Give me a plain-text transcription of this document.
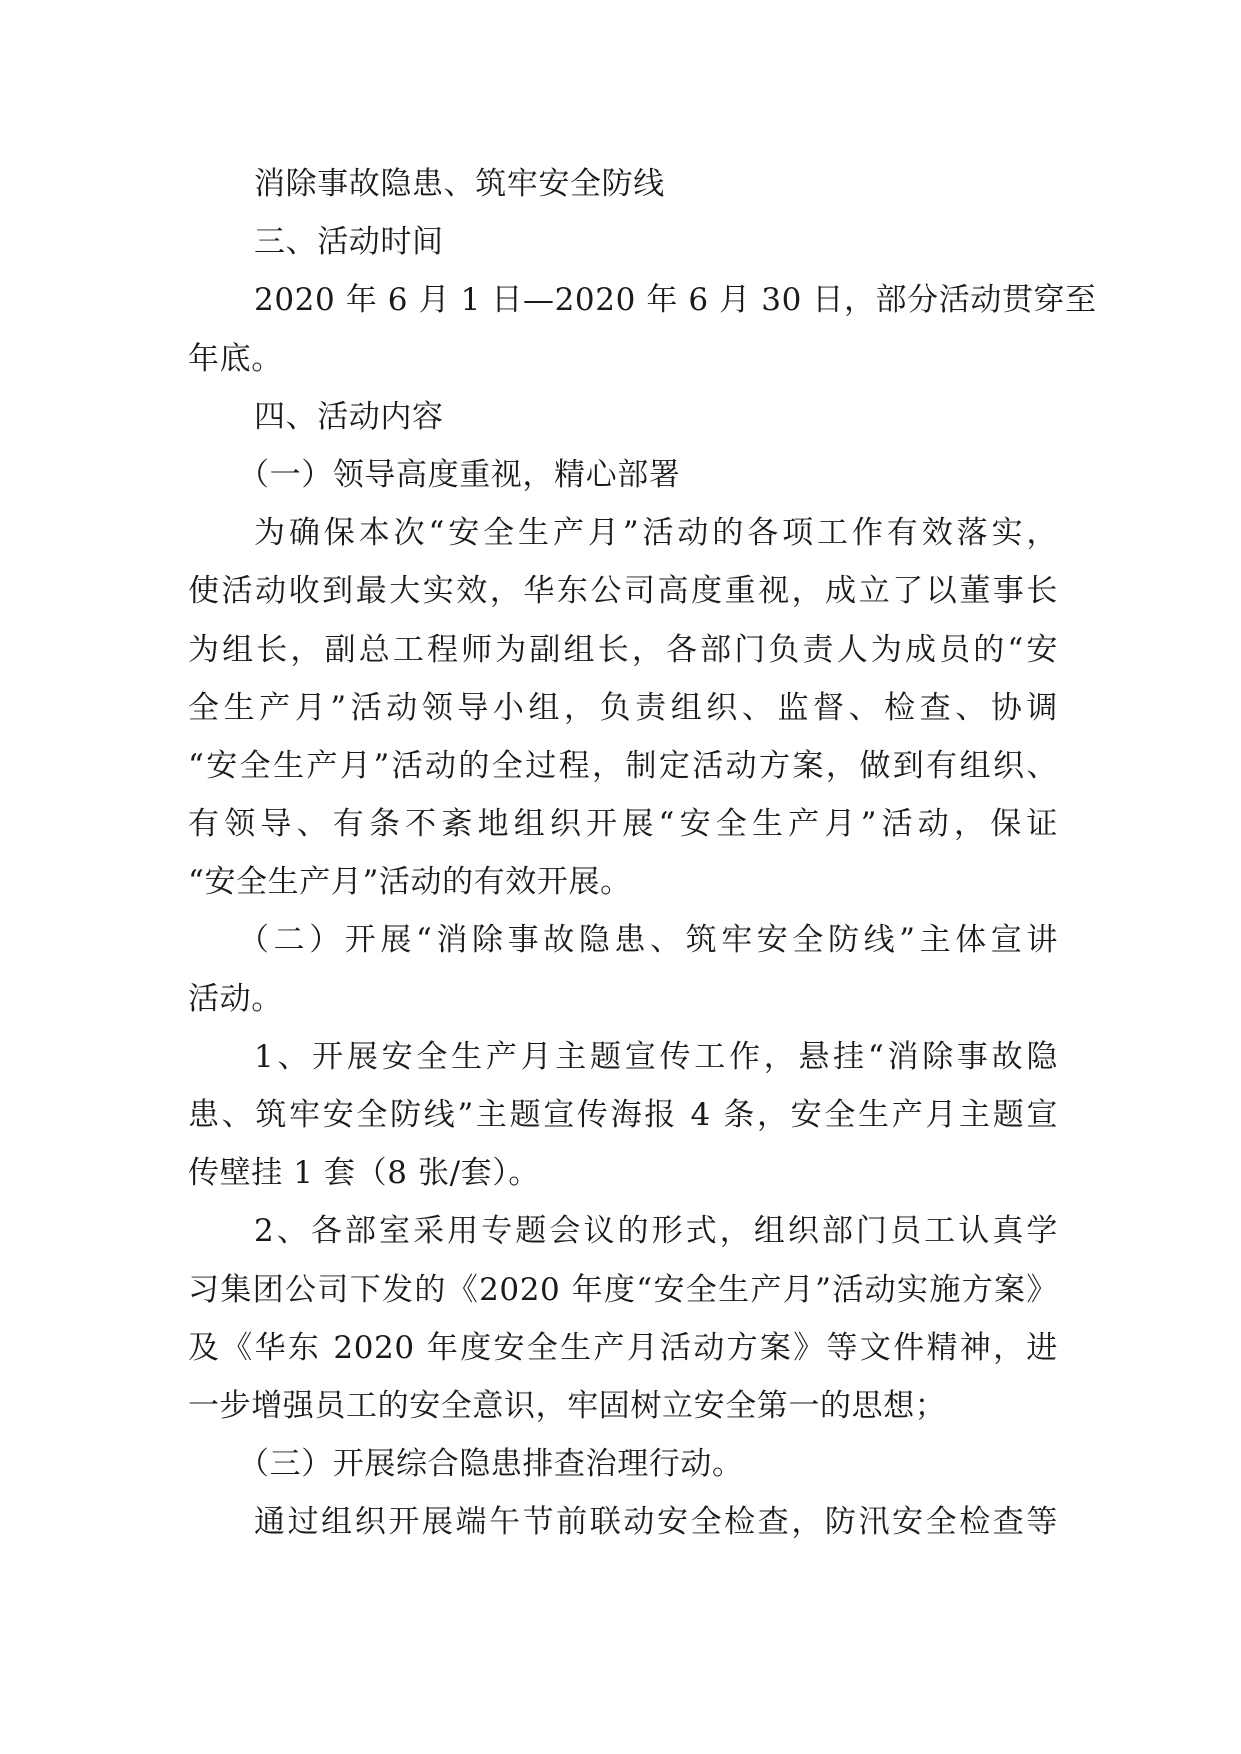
消除事故隐患、筑牢安全防线
三、活动时间
2020 年 6 月 1 日—2020 年 6 月 30 日，部分活动贯穿至
年底。
四、活动内容
（一）领导高度重视，精心部署
为确保本次“安全生产月”活动的各项工作有效落实，
使活动收到最大实效，华东公司高度重视，成立了以董事长
为组长，副总工程师为副组长，各部门负责人为成员的“安
全生产月”活动领导小组，负责组织、监督、检查、协调
“安全生产月”活动的全过程，制定活动方案，做到有组织、
有领导、有条不紊地组织开展“安全生产月”活动，保证
“安全生产月”活动的有效开展。
（二）开展“消除事故隐患、筑牢安全防线”主体宣讲
活动。
1、开展安全生产月主题宣传工作，悬挂“消除事故隐
患、筑牢安全防线”主题宣传海报 4 条，安全生产月主题宣
传壁挂 1 套（8 张/套）。
2、各部室采用专题会议的形式，组织部门员工认真学
习集团公司下发的《2020 年度“安全生产月”活动实施方案》
及《华东 2020 年度安全生产月活动方案》等文件精神，进
一步增强员工的安全意识，牢固树立安全第一的思想；
（三）开展综合隐患排查治理行动。
通过组织开展端午节前联动安全检查，防汛安全检查等
